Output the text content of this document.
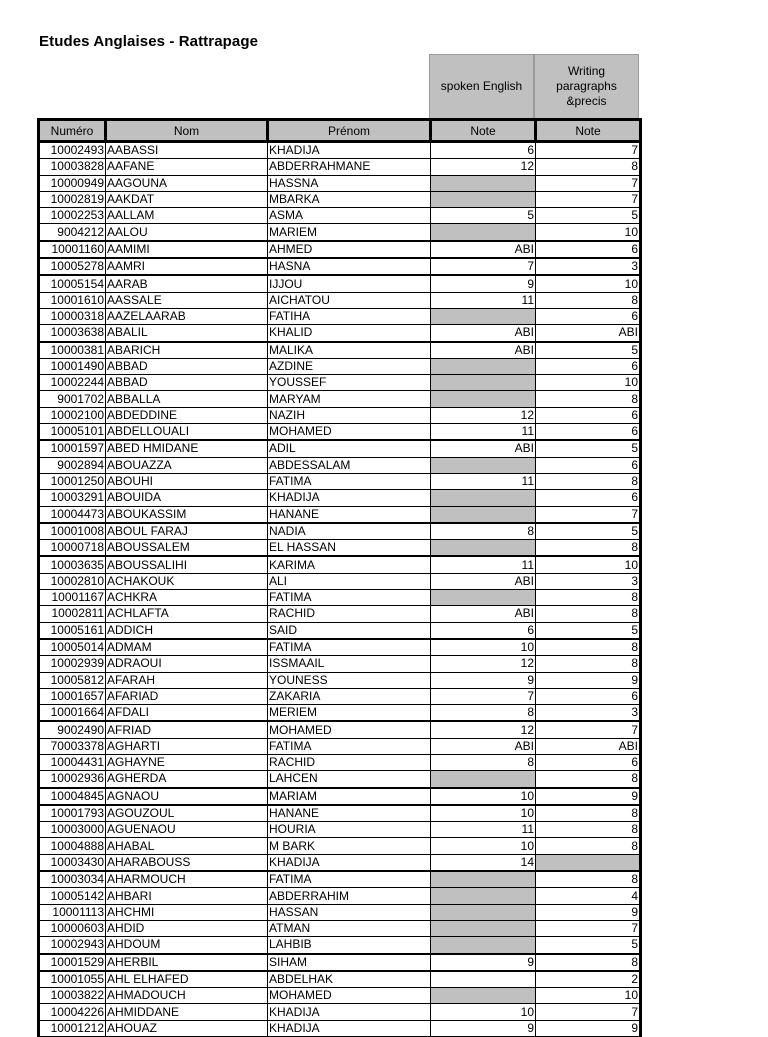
Etudes Anglaises - Rattrapage
spoken English
Writing
paragraphs
&precis
Numéro	Nom	Prénom	Note	Note
10002493	AABASSI	KHADIJA	6	7
10003828	AAFANE	ABDERRAHMANE	12	8
10000949	AAGOUNA	HASSNA		7
10002819	AAKDAT	MBARKA		7
10002253	AALLAM	ASMA	5	5
9004212	AALOU	MARIEM		10
10001160	AAMIMI	AHMED	ABI	6
10005278	AAMRI	HASNA	7	3
10005154	AARAB	IJJOU	9	10
10001610	AASSALE	AICHATOU	11	8
10000318	AAZELAARAB	FATIHA		6
10003638	ABALIL	KHALID	ABI	ABI
10000381	ABARICH	MALIKA	ABI	5
10001490	ABBAD	AZDINE		6
10002244	ABBAD	YOUSSEF		10
9001702	ABBALLA	MARYAM		8
10002100	ABDEDDINE	NAZIH	12	6
10005101	ABDELLOUALI	MOHAMED	11	6
10001597	ABED HMIDANE	ADIL	ABI	5
9002894	ABOUAZZA	ABDESSALAM		6
10001250	ABOUHI	FATIMA	11	8
10003291	ABOUIDA	KHADIJA		6
10004473	ABOUKASSIM	HANANE		7
10001008	ABOUL FARAJ	NADIA	8	5
10000718	ABOUSSALEM	EL HASSAN		8
10003635	ABOUSSALIHI	KARIMA	11	10
10002810	ACHAKOUK	ALI	ABI	3
10001167	ACHKRA	FATIMA		8
10002811	ACHLAFTA	RACHID	ABI	8
10005161	ADDICH	SAID	6	5
10005014	ADMAM	FATIMA	10	8
10002939	ADRAOUI	ISSMAAIL	12	8
10005812	AFARAH	YOUNESS	9	9
10001657	AFARIAD	ZAKARIA	7	6
10001664	AFDALI	MERIEM	8	3
9002490	AFRIAD	MOHAMED	12	7
70003378	AGHARTI	FATIMA	ABI	ABI
10004431	AGHAYNE	RACHID	8	6
10002936	AGHERDA	LAHCEN		8
10004845	AGNAOU	MARIAM	10	9
10001793	AGOUZOUL	HANANE	10	8
10003000	AGUENAOU	HOURIA	11	8
10004888	AHABAL	M BARK	10	8
10003430	AHARABOUSS	KHADIJA	14	
10003034	AHARMOUCH	FATIMA		8
10005142	AHBARI	ABDERRAHIM		4
10001113	AHCHMI	HASSAN		9
10000603	AHDID	ATMAN		7
10002943	AHDOUM	LAHBIB		5
10001529	AHERBIL	SIHAM	9	8
10001055	AHL ELHAFED	ABDELHAK		2
10003822	AHMADOUCH	MOHAMED		10
10004226	AHMIDDANE	KHADIJA	10	7
10001212	AHOUAZ	KHADIJA	9	9
